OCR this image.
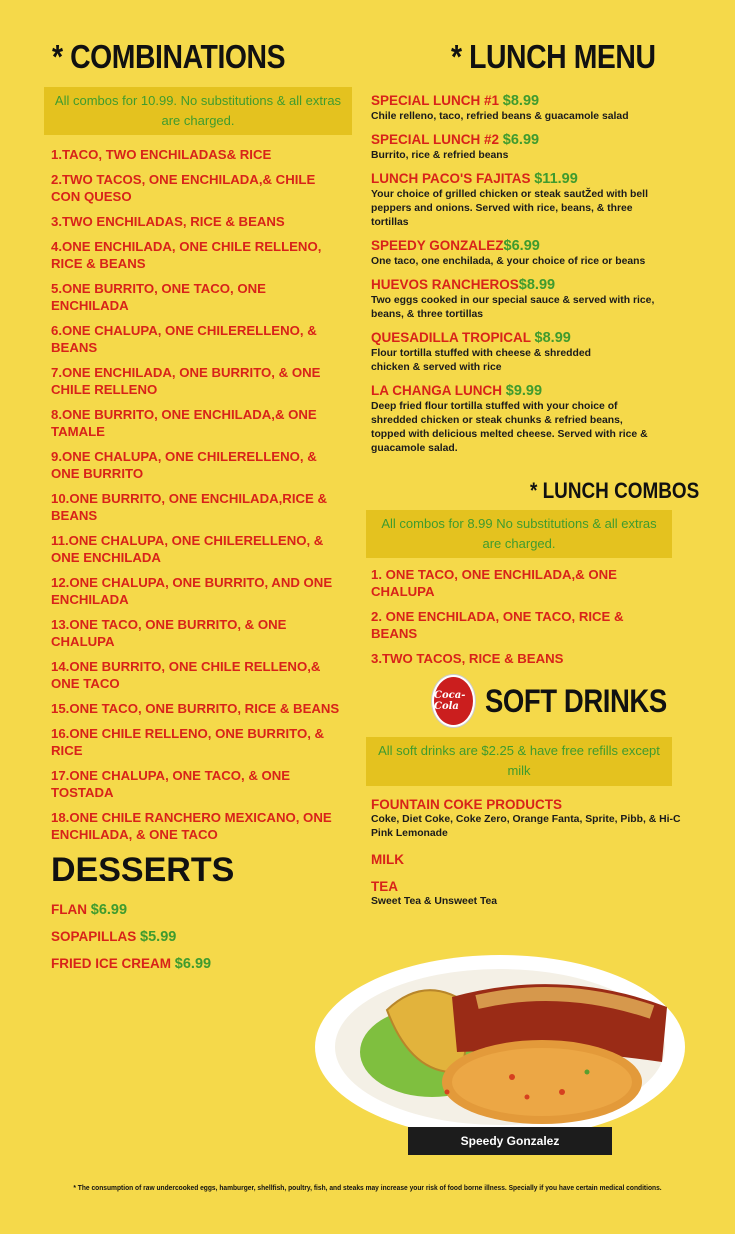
* COMBINATIONS
All combos for 10.99. No substitutions & all extras are charged.
1.TACO, TWO ENCHILADAS& RICE
2.TWO TACOS, ONE ENCHILADA,& CHILE CON QUESO
3.TWO ENCHILADAS, RICE & BEANS
4.ONE ENCHILADA, ONE CHILE RELLENO, RICE & BEANS
5.ONE BURRITO, ONE TACO, ONE ENCHILADA
6.ONE CHALUPA, ONE CHILERELLENO, & BEANS
7.ONE ENCHILADA, ONE BURRITO, & ONE CHILE RELLENO
8.ONE BURRITO, ONE ENCHILADA,& ONE TAMALE
9.ONE CHALUPA, ONE CHILERELLENO, & ONE BURRITO
10.ONE BURRITO, ONE ENCHILADA,RICE & BEANS
11.ONE CHALUPA, ONE CHILERELLENO, & ONE ENCHILADA
12.ONE CHALUPA, ONE BURRITO, AND ONE ENCHILADA
13.ONE TACO, ONE BURRITO, & ONE CHALUPA
14.ONE BURRITO, ONE CHILE RELLENO,& ONE TACO
15.ONE TACO, ONE BURRITO, RICE & BEANS
16.ONE CHILE RELLENO, ONE BURRITO, & RICE
17.ONE CHALUPA, ONE TACO, & ONE TOSTADA
18.ONE CHILE RANCHERO MEXICANO, ONE ENCHILADA, & ONE TACO
DESSERTS
FLAN $6.99
SOPAPILLAS $5.99
FRIED ICE CREAM $6.99
* LUNCH MENU
SPECIAL LUNCH #1 $8.99
Chile relleno, taco, refried beans & guacamole salad
SPECIAL LUNCH #2 $6.99
Burrito, rice & refried beans
LUNCH PACO'S FAJITAS $11.99
Your choice of grilled chicken or steak sautŽed with bell peppers and onions. Served with rice, beans, & three tortillas
SPEEDY GONZALEZ$6.99
One taco, one enchilada, & your choice of rice or beans
HUEVOS RANCHEROS$8.99
Two eggs cooked in our special sauce & served with rice, beans, & three tortillas
QUESADILLA TROPICAL $8.99
Flour tortilla stuffed with cheese & shredded chicken & served with rice
LA CHANGA LUNCH $9.99
Deep fried flour tortilla stuffed with your choice of shredded chicken or steak chunks & refried beans, topped with delicious melted cheese. Served with rice & guacamole salad.
* LUNCH COMBOS
All combos for 8.99 No substitutions & all extras are charged.
1. ONE TACO, ONE ENCHILADA,& ONE CHALUPA
2. ONE ENCHILADA, ONE TACO, RICE & BEANS
3.TWO TACOS, RICE & BEANS
Coca-Cola SOFT DRINKS
All soft drinks are $2.25 & have free refills except milk
FOUNTAIN COKE PRODUCTS
Coke, Diet Coke, Coke Zero, Orange Fanta, Sprite, Pibb, & Hi-C Pink Lemonade
MILK
TEA
Sweet Tea & Unsweet Tea
Speedy Gonzalez
* The consumption of raw undercooked eggs, hamburger, shellfish, poultry, fish, and steaks may increase your risk of food borne illness. Specially if you have certain medical conditions.
